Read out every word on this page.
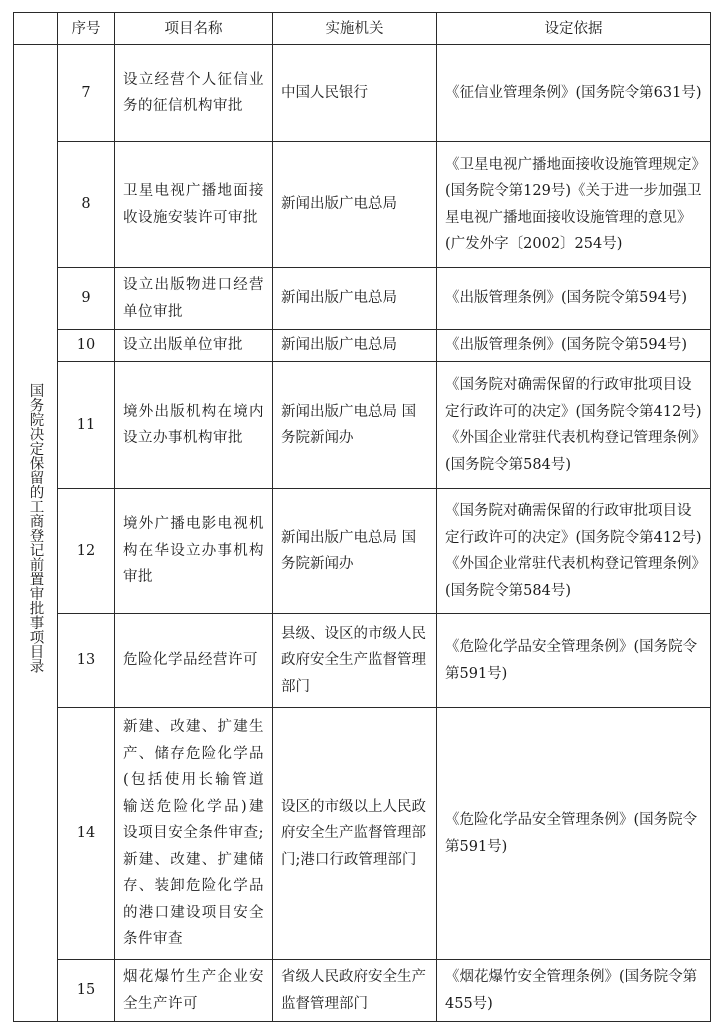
	序号	项目名称	实施机关	设定依据
国务院决定保留的工商登记前置审批事项目录	7	设立经营个人征信业务的征信机构审批	中国人民银行	《征信业管理条例》(国务院令第631号)
	8	卫星电视广播地面接收设施安装许可审批	新闻出版广电总局	《卫星电视广播地面接收设施管理规定》(国务院令第129号)《关于进一步加强卫星电视广播地面接收设施管理的意见》(广发外字〔2002〕254号)
	9	设立出版物进口经营单位审批	新闻出版广电总局	《出版管理条例》(国务院令第594号)
	10	设立出版单位审批	新闻出版广电总局	《出版管理条例》(国务院令第594号)
	11	境外出版机构在境内设立办事机构审批	新闻出版广电总局 国务院新闻办	《国务院对确需保留的行政审批项目设定行政许可的决定》(国务院令第412号)《外国企业常驻代表机构登记管理条例》(国务院令第584号)
	12	境外广播电影电视机构在华设立办事机构审批	新闻出版广电总局 国务院新闻办	《国务院对确需保留的行政审批项目设定行政许可的决定》(国务院令第412号)《外国企业常驻代表机构登记管理条例》(国务院令第584号)
	13	危险化学品经营许可	县级、设区的市级人民政府安全生产监督管理部门	《危险化学品安全管理条例》(国务院令第591号)
	14	新建、改建、扩建生产、储存危险化学品(包括使用长输管道输送危险化学品)建设项目安全条件审查;新建、改建、扩建储存、装卸危险化学品的港口建设项目安全条件审查	设区的市级以上人民政府安全生产监督管理部门;港口行政管理部门	《危险化学品安全管理条例》(国务院令第591号)
	15	烟花爆竹生产企业安全生产许可	省级人民政府安全生产监督管理部门	《烟花爆竹安全管理条例》(国务院令第455号)
